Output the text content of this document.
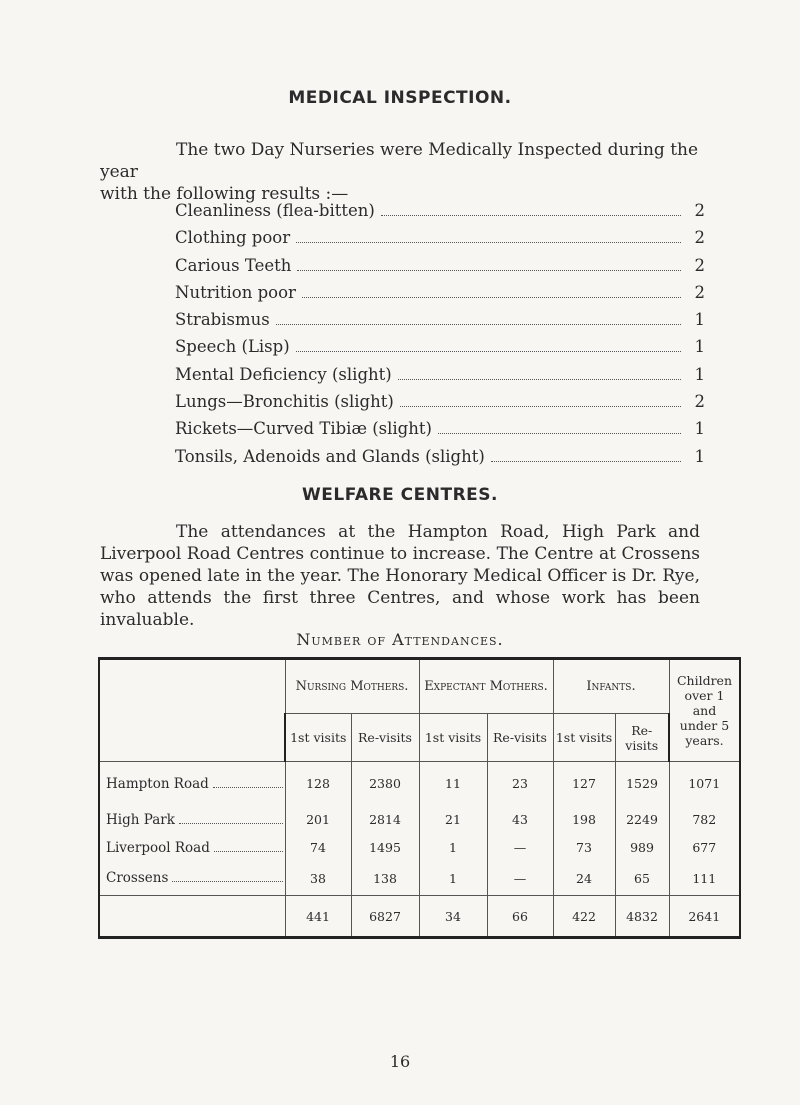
MEDICAL INSPECTION.
The two Day Nurseries were Medically Inspected during the year
with the following results :—
Cleanliness (flea-bitten)	2
Clothing poor	2
Carious Teeth	2
Nutrition poor	2
Strabismus	1
Speech (Lisp)	1
Mental Deficiency (slight)	1
Lungs—Bronchitis (slight)	2
Rickets—Curved Tibiæ (slight)	1
Tonsils, Adenoids and Glands (slight)	1
WELFARE CENTRES.

The attendances at the Hampton Road, High Park and Liverpool Road Centres continue to increase. The Centre at Crossens was opened late in the year. The Honorary Medical Officer is Dr. Rye, who attends the first three Centres, and whose work has been invaluable.

Number of Attendances.
	Nursing Mothers.		Expectant Mothers.		Infants.		Children over 1 and under 5 years.
	1st visits	Re-visits	1st visits	Re-visits	1st visits	Re-visits	
Hampton Road	128	2380	11	23	127	1529	1071
High Park	201	2814	21	43	198	2249	782
Liverpool Road	74	1495	1	—	73	989	677
Crossens	38	138	1	—	24	65	111
	441	6827	34	66	422	4832	2641
16
